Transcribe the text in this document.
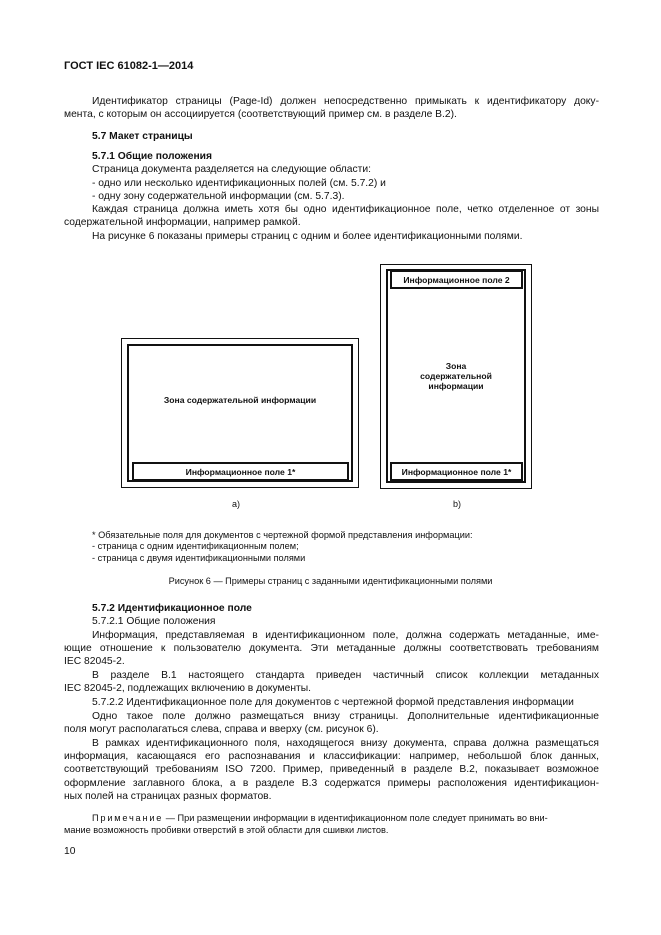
ГОСТ IEC 61082-1—2014
Идентификатор страницы (Page-Id) должен непосредственно примыкать к идентификатору доку-
мента, с которым он ассоциируется (соответствующий пример см. в разделе В.2).
5.7 Макет страницы
5.7.1 Общие положения
Страница документа разделяется на следующие области:
- одно или несколько идентификационных полей (см. 5.7.2) и
- одну зону содержательной информации (см. 5.7.3).
Каждая страница должна иметь хотя бы одно идентификационное поле, четко отделенное от зоны
содержательной информации, например рамкой.
На рисунке 6 показаны примеры страниц с одним и более идентификационными полями.
Зона содержательной информации
Информационное поле 1*
a)
Информационное поле 2
Зона
содержательной
информации
Информационное поле 1*
b)
* Обязательные поля для документов с чертежной формой представления информации:
- страница с одним идентификационным полем;
- страница с двумя идентификационными полями
Рисунок 6 — Примеры страниц с заданными идентификационными полями
5.7.2 Идентификационное поле
5.7.2.1 Общие положения
Информация, представляемая в идентификационном поле, должна содержать метаданные, име-
ющие отношение к пользователю документа. Эти метаданные должны соответствовать требованиям
IEC 82045-2.
В разделе В.1 настоящего стандарта приведен частичный список коллекции метаданных
IEC 82045-2, подлежащих включению в документы.
5.7.2.2 Идентификационное поле для документов с чертежной формой представления информации
Одно такое поле должно размещаться внизу страницы. Дополнительные идентификационные
поля могут располагаться слева, справа и вверху (см. рисунок 6).
В рамках идентификационного поля, находящегося внизу документа, справа должна размещаться
информация, касающаяся его распознавания и классификации: например, небольшой блок данных,
соответствующий требованиям ISO 7200. Пример, приведенный в разделе В.2, показывает возможное
оформление заглавного блока, а в разделе В.3 содержатся примеры расположения идентификацион-
ных полей на страницах разных форматов.
Примечание — При размещении информации в идентификационном поле следует принимать во вни-
мание возможность пробивки отверстий в этой области для сшивки листов.
10
